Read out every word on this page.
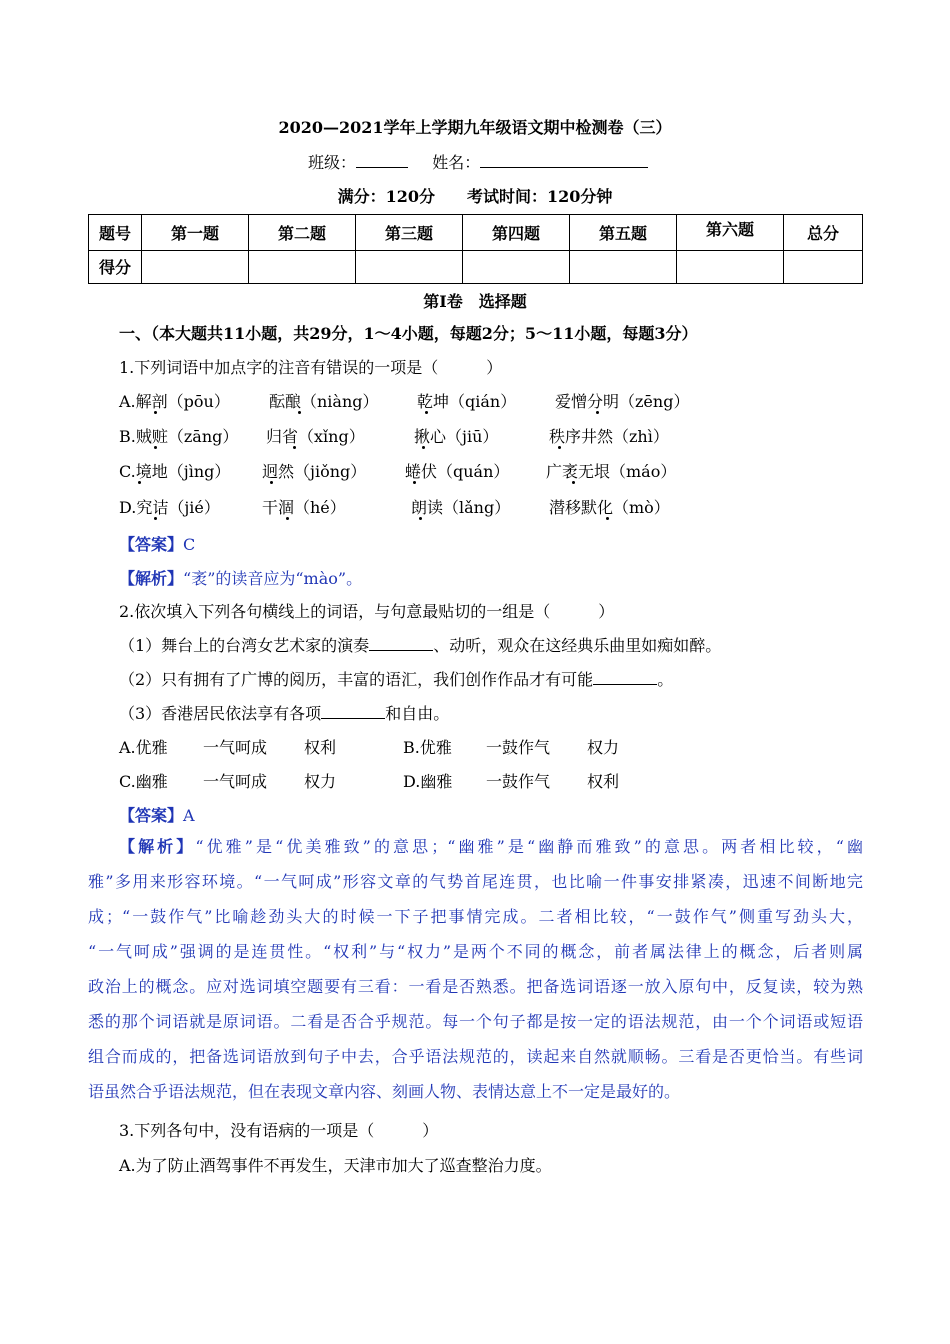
2020—2021学年上学期九年级语文期中检测卷（三）
班级：	姓名：
满分：120分　　考试时间：120分钟
题号	第一题	第二题	第三题	第四题	第五题	第六题	总分
得分							
第Ⅰ卷　选择题
一、（本大题共11小题，共29分，1～4小题，每题2分；5～11小题，每题3分）
1.下列词语中加点字的注音有错误的一项是（　　　）
A.解剖（pōu） 酝酿（niàng） 乾坤（qián） 爱憎分明（zēng）
B.贼赃（zāng） 归省（xǐng）	揪心（jiū）	秩序井然（zhì）
C.境地（jìng） 迥然（jiǒng） 蜷伏（quán） 广袤无垠（máo）
D.究诘（jié）	干涸（hé）	朗读（lǎng） 潜移默化（mò）
【答案】C
【解析】“袤”的读音应为“mào”。
2.依次填入下列各句横线上的词语，与句意最贴切的一组是（　　　）
（1）舞台上的台湾女艺术家的演奏	、动听，观众在这经典乐曲里如痴如醉。
（2）只有拥有了广博的阅历，丰富的语汇，我们创作作品才有可能	。
（3）香港居民依法享有各项	和自由。
A.优雅 一气呵成 权利	B.优雅 一鼓作气 权力
C.幽雅 一气呵成 权力	D.幽雅 一鼓作气 权利
【答案】A
【解析】“优雅”是“优美雅致”的意思；“幽雅”是“幽静而雅致”的意思。两者相比较，“幽
雅”多用来形容环境。“一气呵成”形容文章的气势首尾连贯，也比喻一件事安排紧凑，迅速不间断地完
成；“一鼓作气”比喻趁劲头大的时候一下子把事情完成。二者相比较，“一鼓作气”侧重写劲头大，
“一气呵成”强调的是连贯性。“权利”与“权力”是两个不同的概念，前者属法律上的概念，后者则属
政治上的概念。应对选词填空题要有三看：一看是否熟悉。把备选词语逐一放入原句中，反复读，较为熟
悉的那个词语就是原词语。二看是否合乎规范。每一个句子都是按一定的语法规范，由一个个词语或短语
组合而成的，把备选词语放到句子中去，合乎语法规范的，读起来自然就顺畅。三看是否更恰当。有些词
语虽然合乎语法规范，但在表现文章内容、刻画人物、表情达意上不一定是最好的。
3.下列各句中，没有语病的一项是（　　　）
A.为了防止酒驾事件不再发生，天津市加大了巡查整治力度。
